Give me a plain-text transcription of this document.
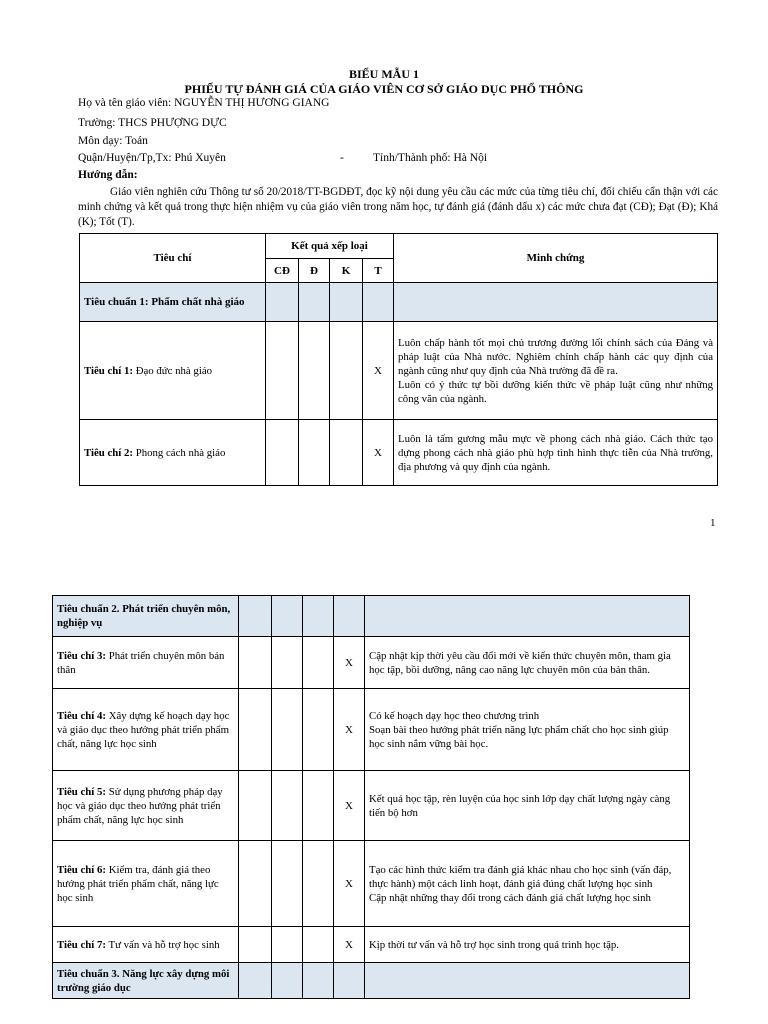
BIỂU MẪU 1
PHIẾU TỰ ĐÁNH GIÁ CỦA GIÁO VIÊN CƠ SỞ GIÁO DỤC PHỔ THÔNG
Họ và tên giáo viên: NGUYỄN THỊ HƯƠNG GIANG
Trường: THCS PHƯỢNG DỰC
Môn dạy: Toán
Quận/Huyện/Tp,Tx: Phú Xuyên	-	Tỉnh/Thành phố: Hà Nội
Hướng dẫn:
Giáo viên nghiên cứu Thông tư số 20/2018/TT-BGDĐT, đọc kỹ nội dung yêu cầu các mức của từng tiêu chí, đối chiếu cẩn thận với các minh chứng và kết quả trong thực hiện nhiệm vụ của giáo viên trong năm học, tự đánh giá (đánh dấu x) các mức chưa đạt (CĐ); Đạt (Đ); Khá (K); Tốt (T).
Tiêu chí	Kết quả xếp loại				Minh chứng
	CĐ	Đ	K	T	
Tiêu chuẩn 1: Phẩm chất nhà giáo					
Tiêu chí 1: Đạo đức nhà giáo				X	Luôn chấp hành tốt mọi chủ trương đường lối chính sách của Đảng và pháp luật của Nhà nước. Nghiêm chỉnh chấp hành các quy định của ngành cũng như quy định của Nhà trường đã đề ra.
Luôn có ý thức tự bồi dưỡng kiến thức về pháp luật cũng như những công văn của ngành.
Tiêu chí 2: Phong cách nhà giáo				X	Luôn là tấm gương mẫu mực về phong cách nhà giáo. Cách thức tạo dựng phong cách nhà giáo phù hợp tình hình thực tiễn của Nhà trường, địa phương và quy định của ngành.
1
Tiêu chuẩn 2. Phát triển chuyên môn, nghiệp vụ					
Tiêu chí 3: Phát triển chuyên môn bản thân				X	Cập nhật kịp thời yêu cầu đổi mới về kiến thức chuyên môn, tham gia học tập, bồi dưỡng, nâng cao năng lực chuyên môn của bản thân.
Tiêu chí 4: Xây dựng kế hoạch dạy học và giáo dục theo hướng phát triển phẩm chất, năng lực học sinh				X	Có kế hoạch dạy học theo chương trình
Soạn bài theo hướng phát triển năng lực phẩm chất cho học sinh giúp học sinh nắm vững bài học.
Tiêu chí 5: Sử dụng phương pháp dạy học và giáo dục theo hướng phát triển phẩm chất, năng lực học sinh				X	Kết quả học tập, rèn luyện của học sinh lớp dạy chất lượng ngày càng tiến bộ hơn
Tiêu chí 6: Kiểm tra, đánh giá theo hướng phát triển phẩm chất, năng lực học sinh				X	Tạo các hình thức kiểm tra đánh giá khác nhau cho học sinh (vấn đáp, thực hành) một cách linh hoạt, đánh giá đúng chất lượng học sinh
Cập nhật những thay đổi trong cách đánh giá chất lượng học sinh
Tiêu chí 7: Tư vấn và hỗ trợ học sinh				X	Kịp thời tư vấn và hỗ trợ học sinh trong quá trình học tập.
Tiêu chuẩn 3. Năng lực xây dựng môi trường giáo dục					
